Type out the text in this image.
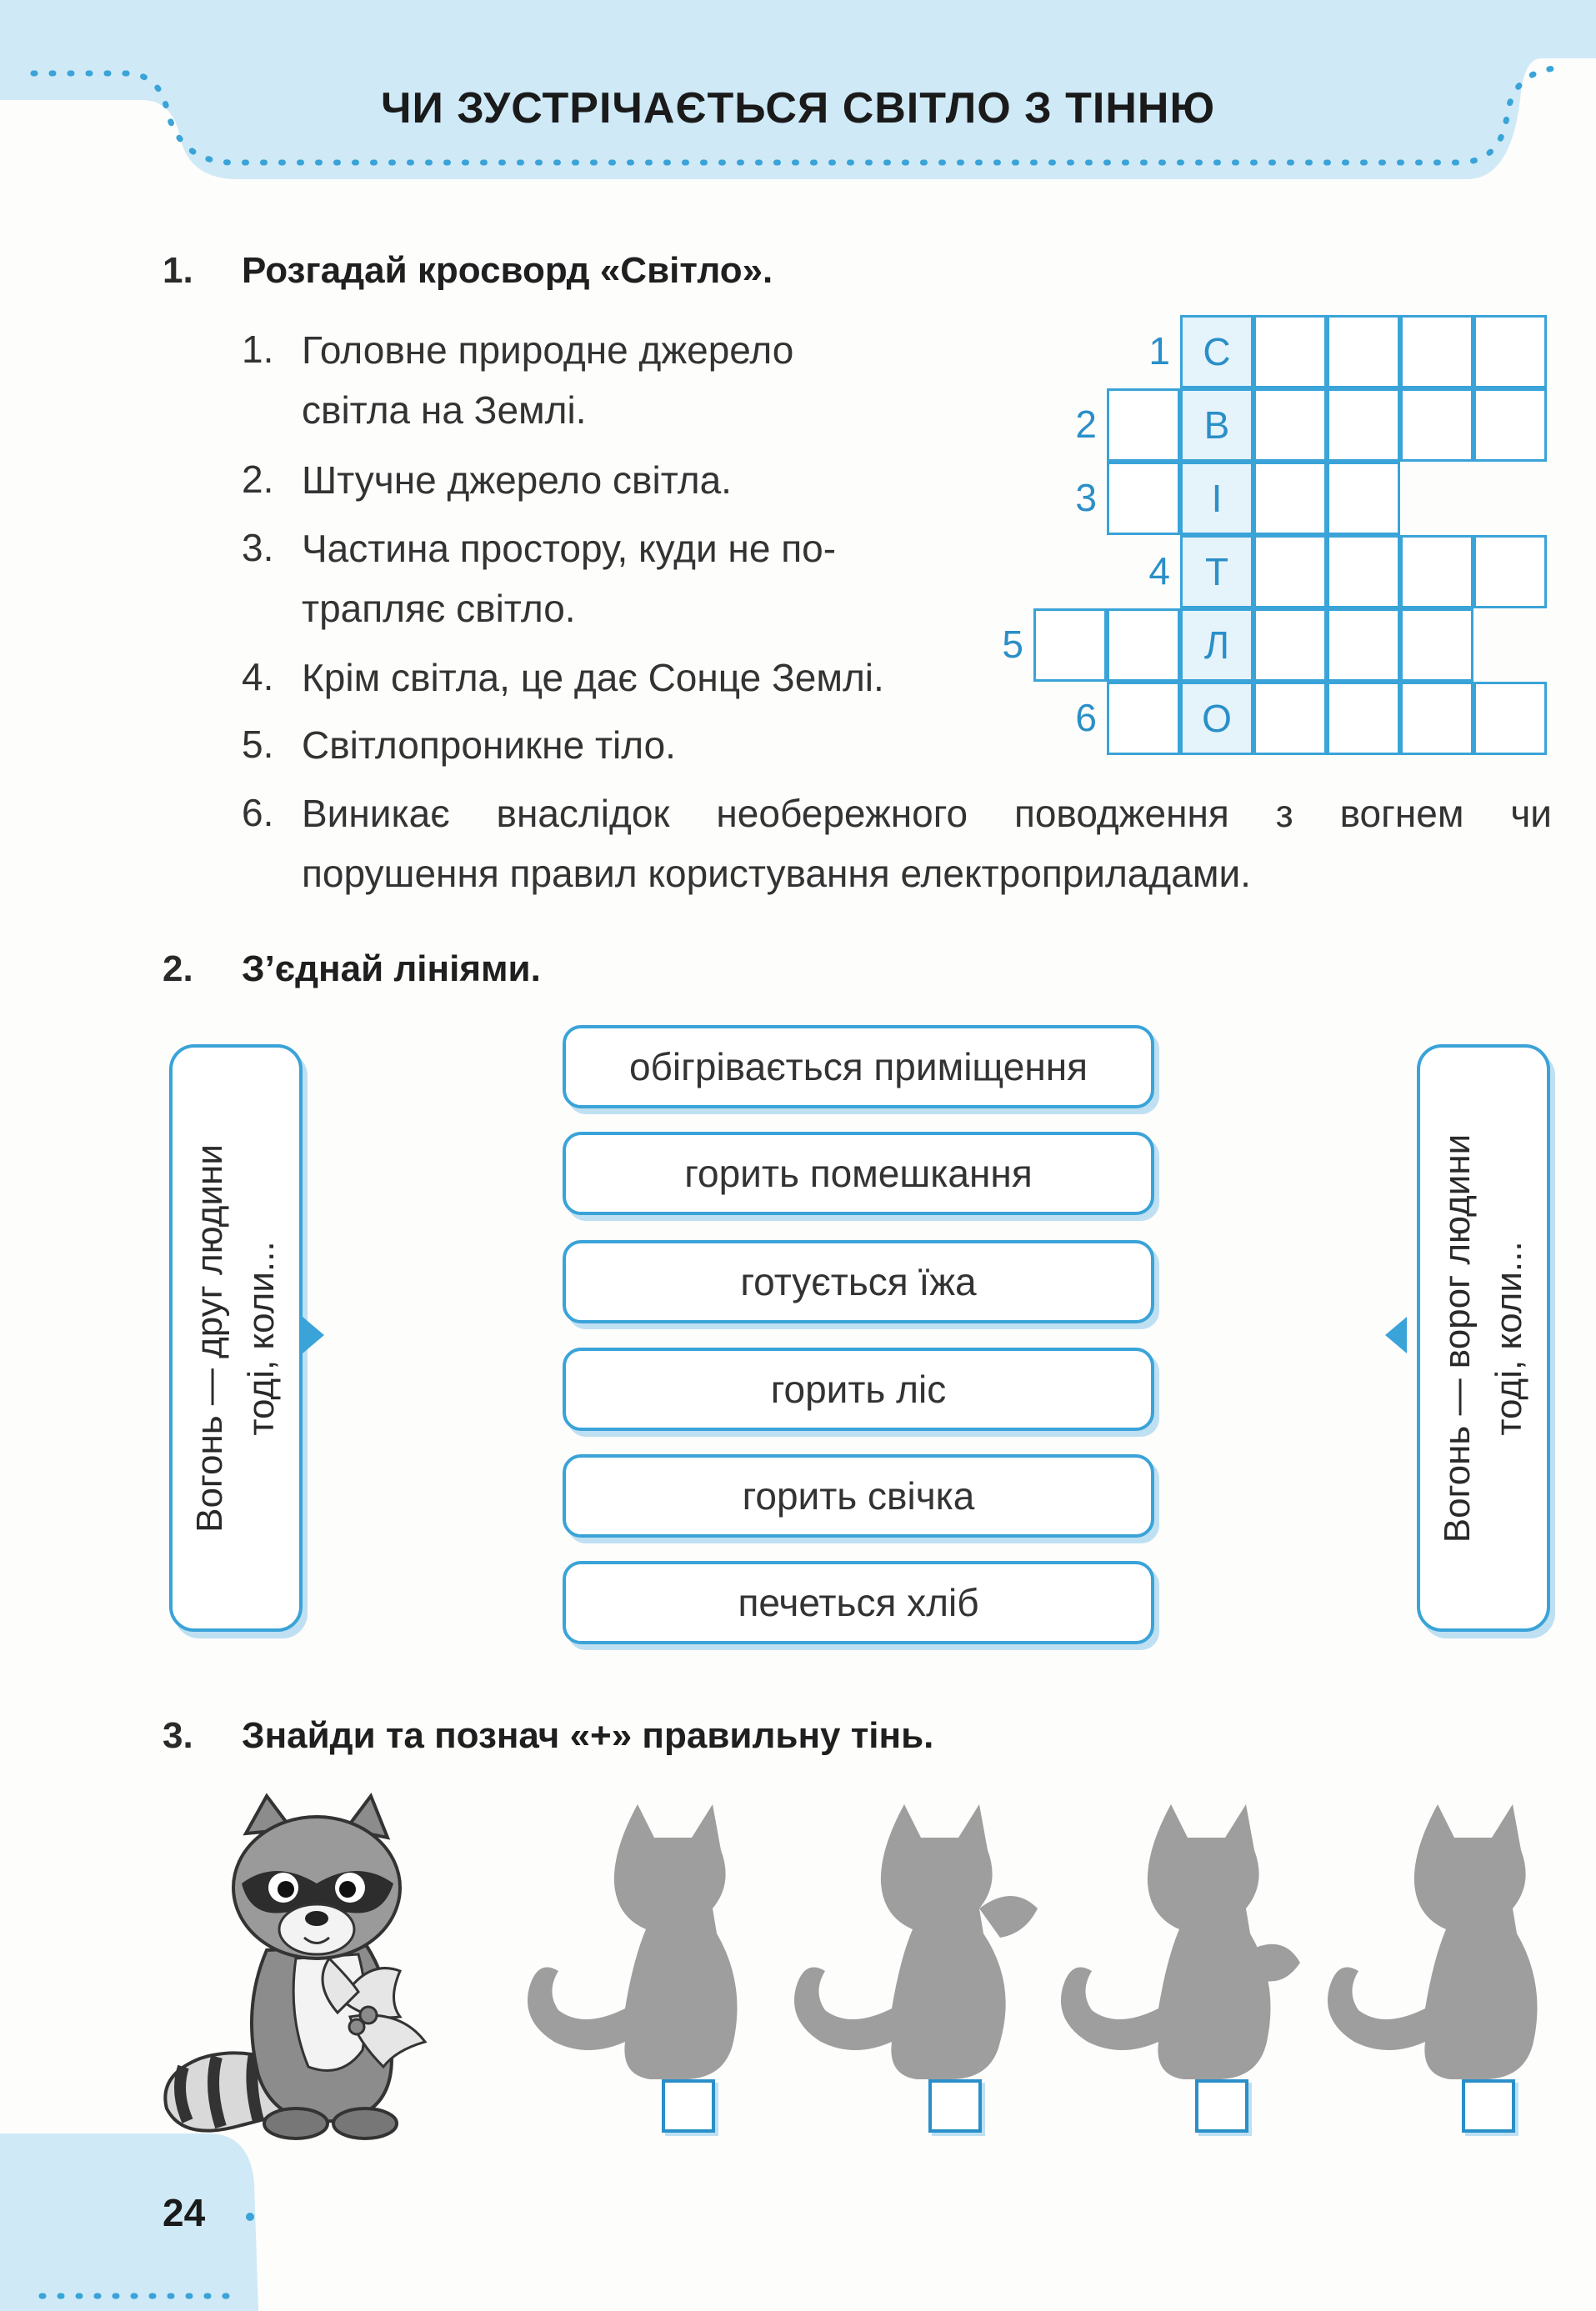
ЧИ ЗУСТРІЧАЄТЬСЯ СВІТЛО З ТІННЮ
1. Розгадай кросворд «Світло».
1. Головне природне джерело
світла на Землі.
2. Штучне джерело світла.
3. Частина простору, куди не по-
трапляє світло.
4. Крім світла, це дає Сонце Землі.
5. Світлопроникне тіло.
6. Виникає внаслідок необережного поводження з вогнем чи
порушення правил користування електроприладами.
С
1
В
2
І
3
Т
4
Л
5
О
6
2. З’єднай лініями.
Вогонь — друг людини тоді, коли...	Вогонь — ворог людини тоді, коли...
обігрівається приміщення
горить помешкання
готується їжа
горить ліс
горить свічка
печеться хліб
3. Знайди та познач «+» правильну тінь.
24
